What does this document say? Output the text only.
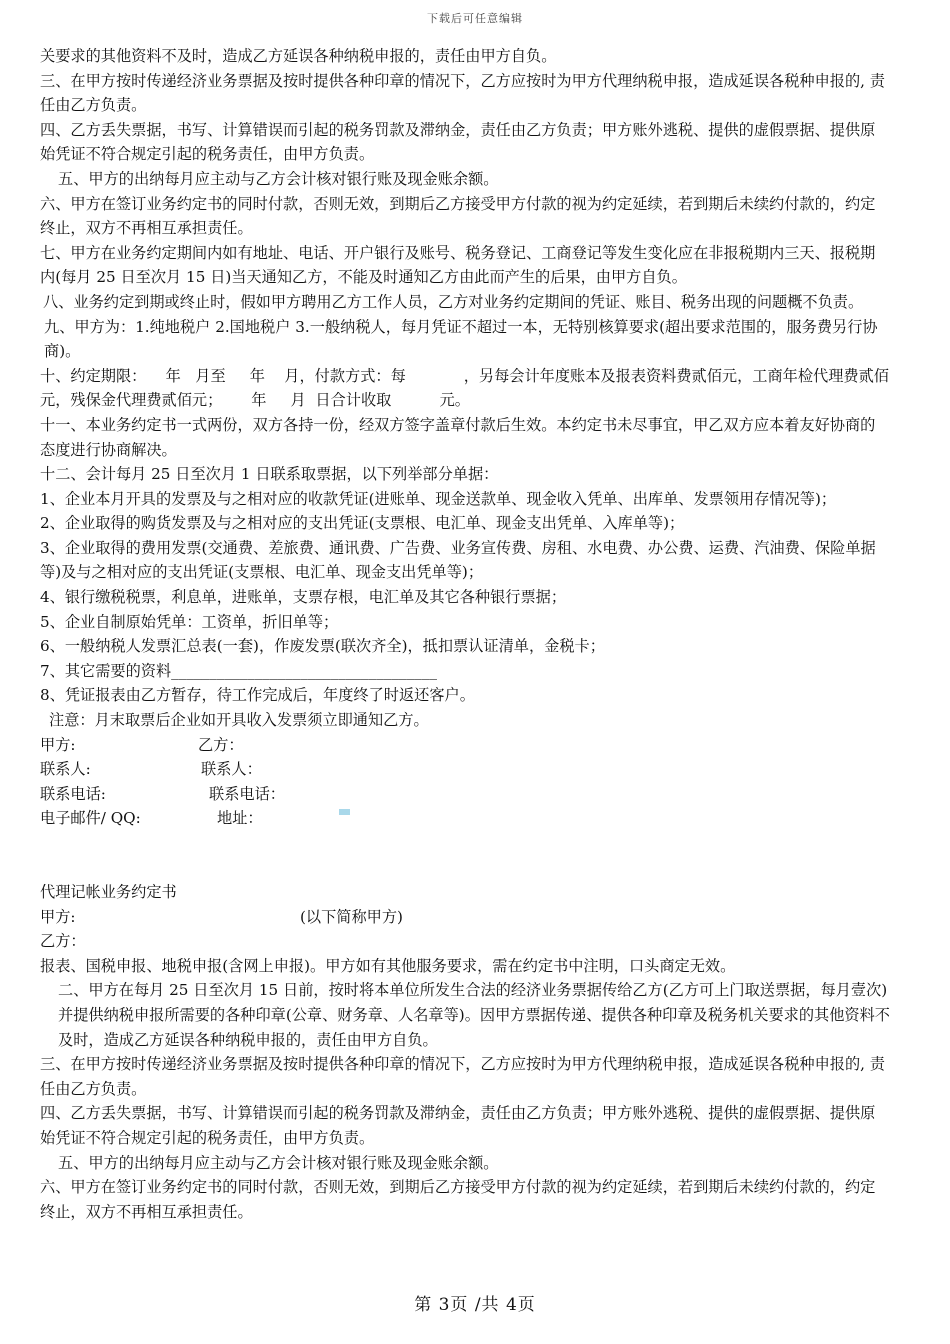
下载后可任意编辑

关要求的其他资料不及时，造成乙方延误各种纳税申报的，责任由甲方自负。

三、在甲方按时传递经济业务票据及按时提供各种印章的情况下，乙方应按时为甲方代理纳税申报，造成延误各税种申报的, 责任由乙方负责。

四、乙方丢失票据，书写、计算错误而引起的税务罚款及滞纳金，责任由乙方负责；甲方账外逃税、提供的虚假票据、提供原始凭证不符合规定引起的税务责任，由甲方负责。

五、甲方的出纳每月应主动与乙方会计核对银行账及现金账余额。

六、甲方在签订业务约定书的同时付款，否则无效，到期后乙方接受甲方付款的视为约定延续，若到期后未续约付款的，约定终止，双方不再相互承担责任。

七、甲方在业务约定期间内如有地址、电话、开户银行及账号、税务登记、工商登记等发生变化应在非报税期内三天、报税期内(每月 25 日至次月 15 日)当天通知乙方，不能及时通知乙方由此而产生的后果，由甲方自负。

八、业务约定到期或终止时，假如甲方聘用乙方工作人员，乙方对业务约定期间的凭证、账目、税务出现的问题概不负责。

九、甲方为：1.纯地税户 2.国地税户 3.一般纳税人，每月凭证不超过一本，无特别核算要求(超出要求范围的，服务费另行协商)。

十、约定期限：    年   月至     年    月，付款方式：每            ，另每会计年度账本及报表资料费贰佰元，工商年检代理费贰佰元，残保金代理费贰佰元；      年     月  日合计收取          元。

十一、本业务约定书一式两份，双方各持一份，经双方签字盖章付款后生效。本约定书未尽事宜，甲乙双方应本着友好协商的态度进行协商解决。

十二、会计每月 25 日至次月 1 日联系取票据，以下列举部分单据：

1、企业本月开具的发票及与之相对应的收款凭证(进账单、现金送款单、现金收入凭单、出库单、发票领用存情况等)；

2、企业取得的购货发票及与之相对应的支出凭证(支票根、电汇单、现金支出凭单、入库单等)；

3、企业取得的费用发票(交通费、差旅费、通讯费、广告费、业务宣传费、房租、水电费、办公费、运费、汽油费、保险单据等)及与之相对应的支出凭证(支票根、电汇单、现金支出凭单等)；

4、银行缴税税票，利息单，进账单，支票存根，电汇单及其它各种银行票据；

5、企业自制原始凭单：工资单，折旧单等；

6、一般纳税人发票汇总表(一套)，作废发票(联次齐全)，抵扣票认证清单，金税卡；

7、其它需要的资料___________________________________

8、凭证报表由乙方暂存，待工作完成后，年度终了时返还客户。

注意：月末取票后企业如开具收入发票须立即通知乙方。

甲方:	乙方：
联系人:	联系人：
联系电话:	联系电话：
电子邮件/ QQ:	地址：

代理记帐业务约定书

甲方:	(以下简称甲方)

乙方：

报表、国税申报、地税申报(含网上申报)。甲方如有其他服务要求，需在约定书中注明，口头商定无效。

二、甲方在每月 25 日至次月 15 日前，按时将本单位所发生合法的经济业务票据传给乙方(乙方可上门取送票据，每月壹次)并提供纳税申报所需要的各种印章(公章、财务章、人名章等)。因甲方票据传递、提供各种印章及税务机关要求的其他资料不及时，造成乙方延误各种纳税申报的，责任由甲方自负。

三、在甲方按时传递经济业务票据及按时提供各种印章的情况下，乙方应按时为甲方代理纳税申报，造成延误各税种申报的, 责任由乙方负责。

四、乙方丢失票据，书写、计算错误而引起的税务罚款及滞纳金，责任由乙方负责；甲方账外逃税、提供的虚假票据、提供原始凭证不符合规定引起的税务责任，由甲方负责。

五、甲方的出纳每月应主动与乙方会计核对银行账及现金账余额。

六、甲方在签订业务约定书的同时付款，否则无效，到期后乙方接受甲方付款的视为约定延续，若到期后未续约付款的，约定终止，双方不再相互承担责任。

第 3页 /共 4页
